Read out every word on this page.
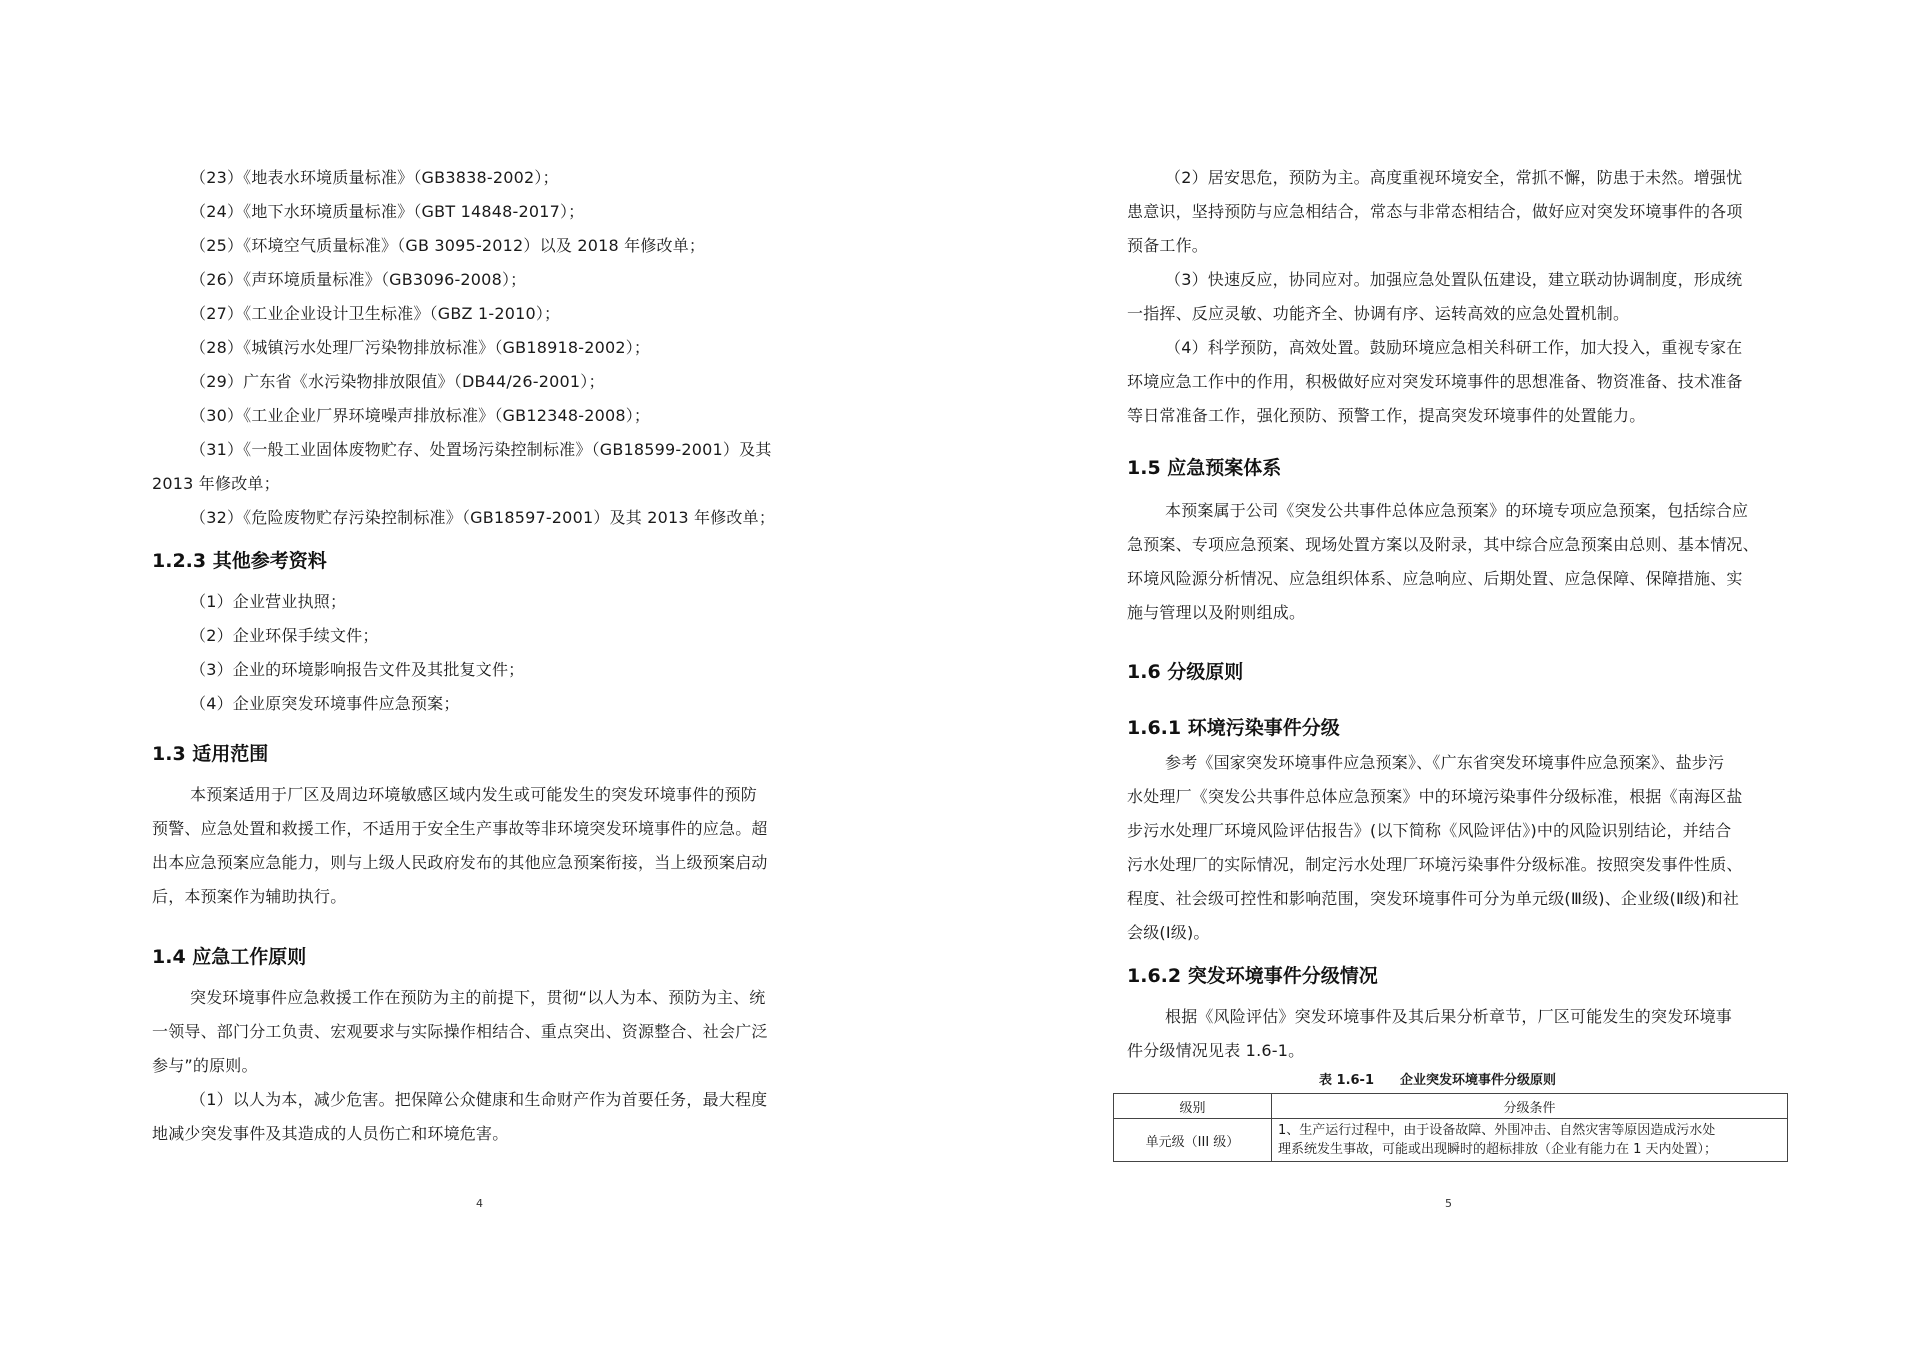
（23）《地表水环境质量标准》（GB3838-2002）；
（24）《地下水环境质量标准》（GBT 14848-2017）；
（25）《环境空气质量标准》（GB 3095-2012）以及 2018 年修改单；
（26）《声环境质量标准》（GB3096-2008）；
（27）《工业企业设计卫生标准》（GBZ 1-2010）；
（28）《城镇污水处理厂污染物排放标准》（GB18918-2002）；
（29）广东省《水污染物排放限值》（DB44/26-2001）；
（30）《工业企业厂界环境噪声排放标准》（GB12348-2008）；
（31）《一般工业固体废物贮存、处置场污染控制标准》（GB18599-2001）及其
2013 年修改单；
（32）《危险废物贮存污染控制标准》（GB18597-2001）及其 2013 年修改单；
1.2.3 其他参考资料
（1）企业营业执照；
（2）企业环保手续文件；
（3）企业的环境影响报告文件及其批复文件；
（4）企业原突发环境事件应急预案；
1.3 适用范围
本预案适用于厂区及周边环境敏感区域内发生或可能发生的突发环境事件的预防
预警、应急处置和救援工作，不适用于安全生产事故等非环境突发环境事件的应急。超
出本应急预案应急能力，则与上级人民政府发布的其他应急预案衔接，当上级预案启动
后，本预案作为辅助执行。
1.4 应急工作原则
突发环境事件应急救援工作在预防为主的前提下，贯彻“以人为本、预防为主、统
一领导、部门分工负责、宏观要求与实际操作相结合、重点突出、资源整合、社会广泛
参与”的原则。
（1）以人为本，减少危害。把保障公众健康和生命财产作为首要任务，最大程度
地减少突发事件及其造成的人员伤亡和环境危害。
4
（2）居安思危，预防为主。高度重视环境安全，常抓不懈，防患于未然。增强忧
患意识，坚持预防与应急相结合，常态与非常态相结合，做好应对突发环境事件的各项
预备工作。
（3）快速反应，协同应对。加强应急处置队伍建设，建立联动协调制度，形成统
一指挥、反应灵敏、功能齐全、协调有序、运转高效的应急处置机制。
（4）科学预防，高效处置。鼓励环境应急相关科研工作，加大投入，重视专家在
环境应急工作中的作用，积极做好应对突发环境事件的思想准备、物资准备、技术准备
等日常准备工作，强化预防、预警工作，提高突发环境事件的处置能力。
1.5 应急预案体系
本预案属于公司《突发公共事件总体应急预案》的环境专项应急预案，包括综合应
急预案、专项应急预案、现场处置方案以及附录，其中综合应急预案由总则、基本情况、
环境风险源分析情况、应急组织体系、应急响应、后期处置、应急保障、保障措施、实
施与管理以及附则组成。
1.6 分级原则
1.6.1 环境污染事件分级
参考《国家突发环境事件应急预案》、《广东省突发环境事件应急预案》、盐步污
水处理厂《突发公共事件总体应急预案》中的环境污染事件分级标准，根据《南海区盐
步污水处理厂环境风险评估报告》(以下简称《风险评估》)中的风险识别结论，并结合
污水处理厂的实际情况，制定污水处理厂环境污染事件分级标准。按照突发事件性质、
程度、社会级可控性和影响范围，突发环境事件可分为单元级(Ⅲ级)、企业级(Ⅱ级)和社
会级(Ⅰ级)。
1.6.2 突发环境事件分级情况
根据《风险评估》突发环境事件及其后果分析章节，厂区可能发生的突发环境事
件分级情况见表 1.6-1。
表 1.6-1　　企业突发环境事件分级原则
级别	分级条件
单元级（III 级）	1、生产运行过程中，由于设备故障、外围冲击、自然灾害等原因造成污水处
理系统发生事故，可能或出现瞬时的超标排放（企业有能力在 1 天内处置）；
5
